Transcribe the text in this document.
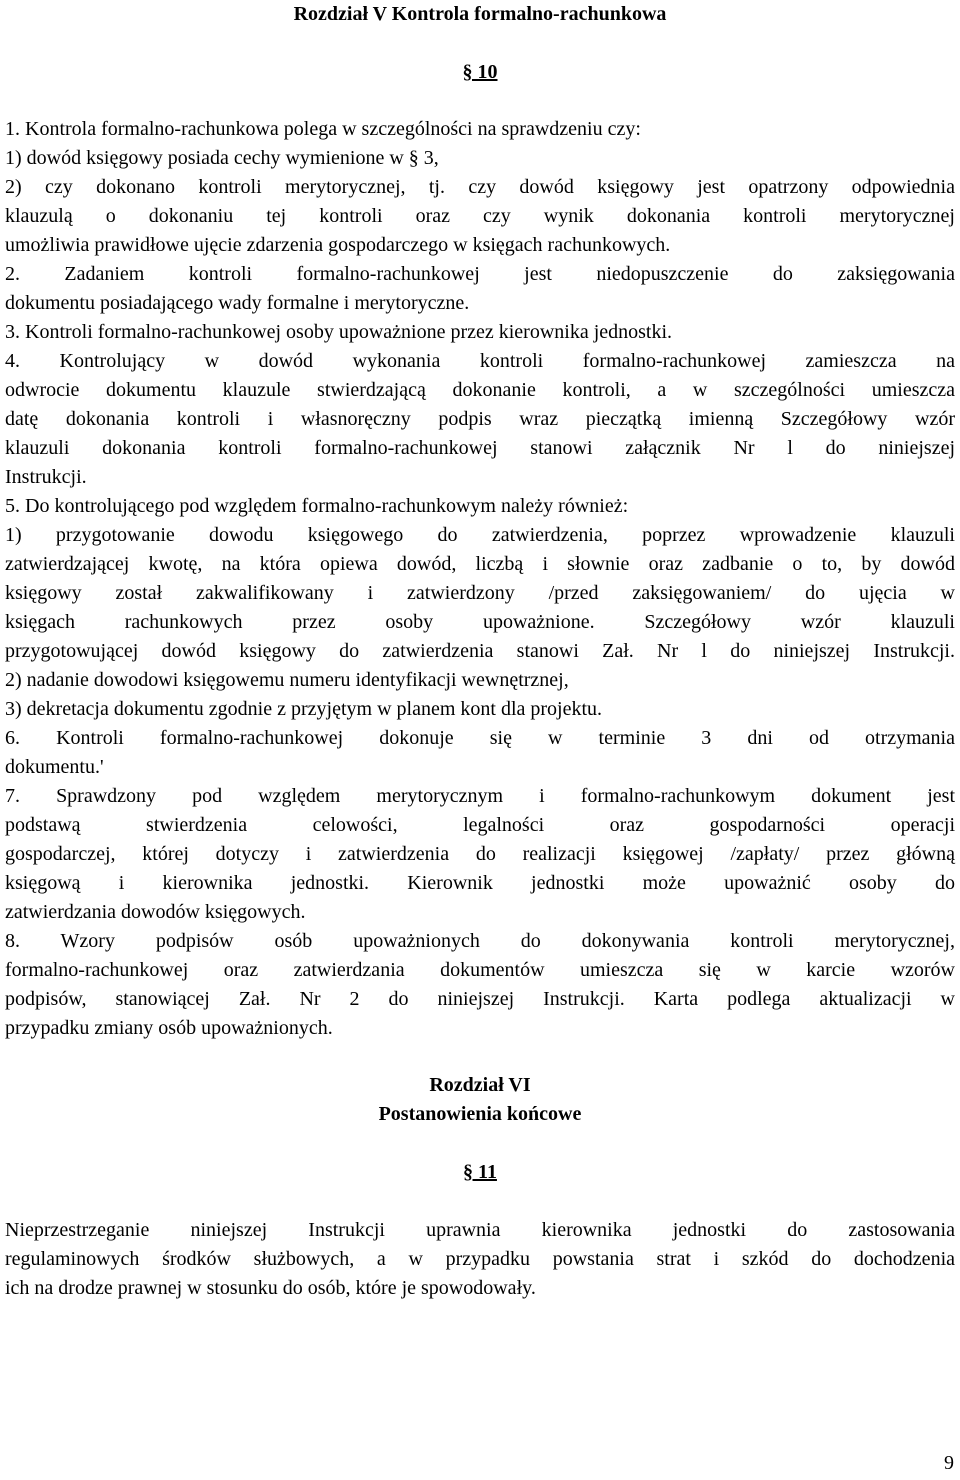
Rozdział V Kontrola formalno-rachunkowa
§ 10
1. Kontrola formalno-rachunkowa polega w szczególności na sprawdzeniu czy:
1) dowód księgowy posiada cechy wymienione w § 3,
2) czy dokonano kontroli merytorycznej, tj. czy dowód księgowy jest opatrzony odpowiednia
klauzulą o dokonaniu tej kontroli oraz czy wynik dokonania kontroli merytorycznej
umożliwia prawidłowe ujęcie zdarzenia gospodarczego w księgach rachunkowych.
2. Zadaniem kontroli formalno-rachunkowej jest niedopuszczenie do zaksięgowania
dokumentu posiadającego wady formalne i merytoryczne.
3. Kontroli formalno-rachunkowej osoby upoważnione przez kierownika jednostki.
4. Kontrolujący w dowód wykonania kontroli formalno-rachunkowej zamieszcza na
odwrocie dokumentu klauzule stwierdzającą dokonanie kontroli, a w szczególności umieszcza
datę dokonania kontroli i własnoręczny podpis wraz pieczątką imienną Szczegółowy wzór
klauzuli dokonania kontroli formalno-rachunkowej stanowi załącznik Nr l do niniejszej
Instrukcji.
5. Do kontrolującego pod względem formalno-rachunkowym należy również:
1) przygotowanie dowodu księgowego do zatwierdzenia, poprzez wprowadzenie klauzuli
zatwierdzającej kwotę, na która opiewa dowód, liczbą i słownie oraz zadbanie o to, by dowód
księgowy został zakwalifikowany i zatwierdzony /przed zaksięgowaniem/ do ujęcia w
księgach rachunkowych przez osoby upoważnione. Szczegółowy wzór klauzuli
przygotowującej dowód księgowy do zatwierdzenia stanowi Zał. Nr l do niniejszej Instrukcji.
2) nadanie dowodowi księgowemu numeru identyfikacji wewnętrznej,
3) dekretacja dokumentu zgodnie z przyjętym w planem kont dla projektu.
6. Kontroli formalno-rachunkowej dokonuje się w terminie 3 dni od otrzymania
dokumentu.'
7. Sprawdzony pod względem merytorycznym i formalno-rachunkowym dokument jest
podstawą stwierdzenia celowości, legalności oraz gospodarności operacji
gospodarczej, której dotyczy i zatwierdzenia do realizacji księgowej /zapłaty/ przez główną
księgową i kierownika jednostki. Kierownik jednostki może upoważnić osoby do
zatwierdzania dowodów księgowych.
8. Wzory podpisów osób upoważnionych do dokonywania kontroli merytorycznej,
formalno-rachunkowej oraz zatwierdzania dokumentów umieszcza się w karcie wzorów
podpisów, stanowiącej Zał. Nr 2 do niniejszej Instrukcji. Karta podlega aktualizacji w
przypadku zmiany osób upoważnionych.
Rozdział VI
Postanowienia końcowe
§ 11
Nieprzestrzeganie niniejszej Instrukcji uprawnia kierownika jednostki do zastosowania
regulaminowych środków służbowych, a w przypadku powstania strat i szkód do dochodzenia
ich na drodze prawnej w stosunku do osób, które je spowodowały.
9
